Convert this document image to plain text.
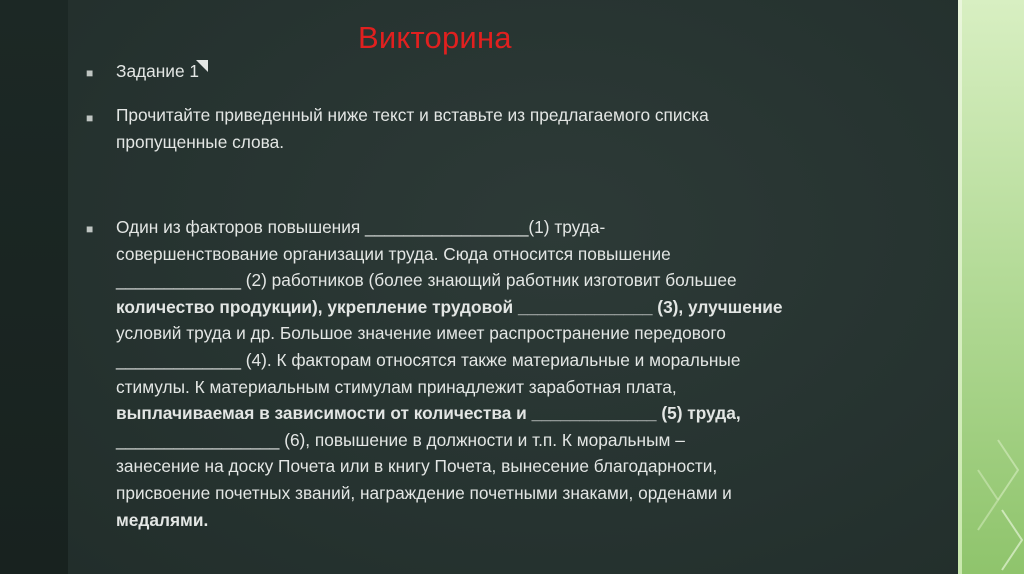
Викторина
■ Задание 1
■ Прочитайте приведенный ниже текст и вставьте из предлагаемого списка
пропущенные слова.
■ Один из факторов повышения _________________(1) труда-
совершенствование организации труда. Сюда относится повышение
_____________ (2) работников (более знающий работник изготовит большее
количество продукции), укрепление трудовой ______________ (3), улучшение
условий труда и др. Большое значение имеет распространение передового
_____________ (4). К факторам относятся также материальные и моральные
стимулы. К материальным стимулам принадлежит заработная плата,
выплачиваемая в зависимости от количества и _____________ (5) труда,
_________________ (6), повышение в должности и т.п. К моральным –
занесение на доску Почета или в книгу Почета, вынесение благодарности,
присвоение почетных званий, награждение почетными знаками, орденами и
медалями.
